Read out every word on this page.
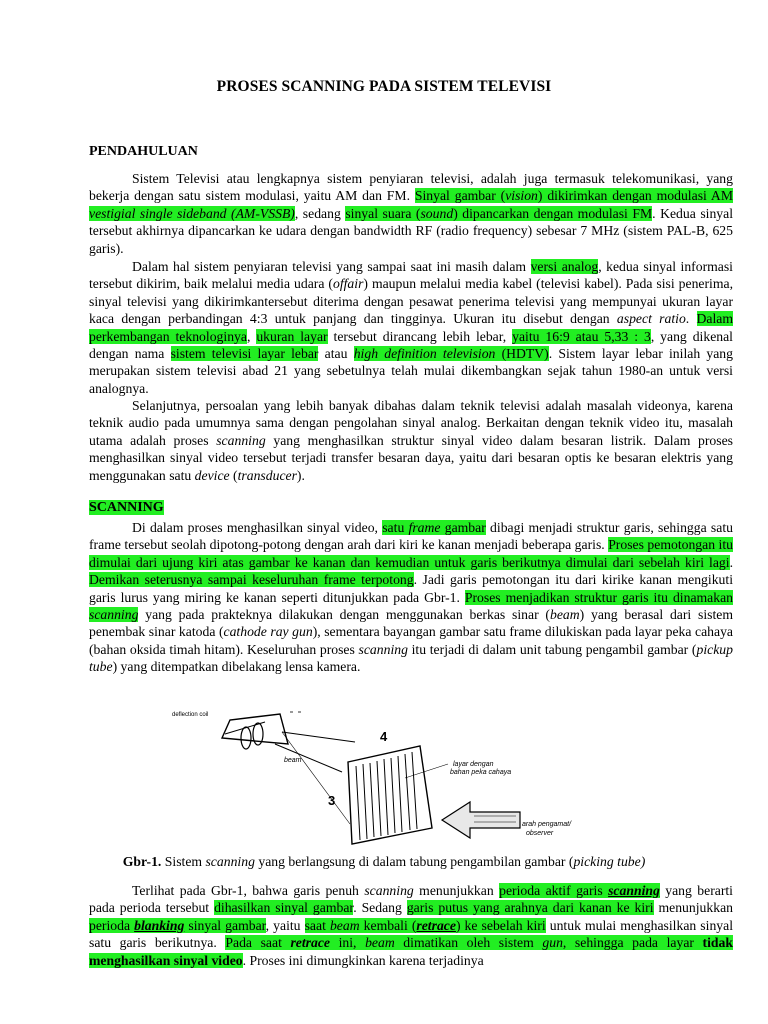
PROSES SCANNING PADA SISTEM TELEVISI
PENDAHULUAN

Sistem Televisi atau lengkapnya sistem penyiaran televisi, adalah juga termasuk telekomunikasi, yang bekerja dengan satu sistem modulasi, yaitu AM dan FM. Sinyal gambar (vision) dikirimkan dengan modulasi AM vestigial single sideband (AM-VSSB), sedang sinyal suara (sound) dipancarkan dengan modulasi FM. Kedua sinyal tersebut akhirnya dipancarkan ke udara dengan bandwidth RF (radio frequency) sebesar 7 MHz (sistem PAL-B, 625 garis).

Dalam hal sistem penyiaran televisi yang sampai saat ini masih dalam versi analog, kedua sinyal informasi tersebut dikirim, baik melalui media udara (offair) maupun melalui media kabel (televisi kabel). Pada sisi penerima, sinyal televisi yang dikirimkantersebut diterima dengan pesawat penerima televisi yang mempunyai ukuran layar kaca dengan perbandingan 4:3 untuk panjang dan tingginya. Ukuran itu disebut dengan aspect ratio. Dalam perkembangan teknologinya, ukuran layar tersebut dirancang lebih lebar, yaitu 16:9 atau 5,33 : 3, yang dikenal dengan nama sistem televisi layar lebar atau high definition television (HDTV). Sistem layar lebar inilah yang merupakan sistem televisi abad 21 yang sebetulnya telah mulai dikembangkan sejak tahun 1980-an untuk versi analognya.

Selanjutnya, persoalan yang lebih banyak dibahas dalam teknik televisi adalah masalah videonya, karena teknik audio pada umumnya sama dengan pengolahan sinyal analog. Berkaitan dengan teknik video itu, masalah utama adalah proses scanning yang menghasilkan struktur sinyal video dalam besaran listrik. Dalam proses menghasilkan sinyal video tersebut terjadi transfer besaran daya, yaitu dari besaran optis ke besaran elektris yang menggunakan satu device (transducer).

SCANNING

Di dalam proses menghasilkan sinyal video, satu frame gambar dibagi menjadi struktur garis, sehingga satu frame tersebut seolah dipotong-potong dengan arah dari kiri ke kanan menjadi beberapa garis. Proses pemotongan itu dimulai dari ujung kiri atas gambar ke kanan dan kemudian untuk garis berikutnya dimulai dari sebelah kiri lagi. Demikan seterusnya sampai keseluruhan frame terpotong. Jadi garis pemotongan itu dari kirike kanan mengikuti garis lurus yang miring ke kanan seperti ditunjukkan pada Gbr-1. Proses menjadikan struktur garis itu dinamakan scanning yang pada prakteknya dilakukan dengan menggunakan berkas sinar (beam) yang berasal dari sistem penembak sinar katoda (cathode ray gun), sementara bayangan gambar satu frame dilukiskan pada layar peka cahaya (bahan oksida timah hitam). Keseluruhan proses scanning itu terjadi di dalam unit tabung pengambil gambar (pickup tube) yang ditempatkan dibelakang lensa kamera.

deflection coil
beam
4
3
layar dengan
bahan peka cahaya
arah pengamat/
observer
Gbr-1. Sistem scanning yang berlangsung di dalam tabung pengambilan gambar (picking tube)

Terlihat pada Gbr-1, bahwa garis penuh scanning menunjukkan perioda aktif garis scanning yang berarti pada perioda tersebut dihasilkan sinyal gambar. Sedang garis putus yang arahnya dari kanan ke kiri menunjukkan perioda blanking sinyal gambar, yaitu saat beam kembali (retrace) ke sebelah kiri untuk mulai menghasilkan sinyal satu garis berikutnya. Pada saat retrace ini, beam dimatikan oleh sistem gun, sehingga pada layar tidak menghasilkan sinyal video. Proses ini dimungkinkan karena terjadinya
